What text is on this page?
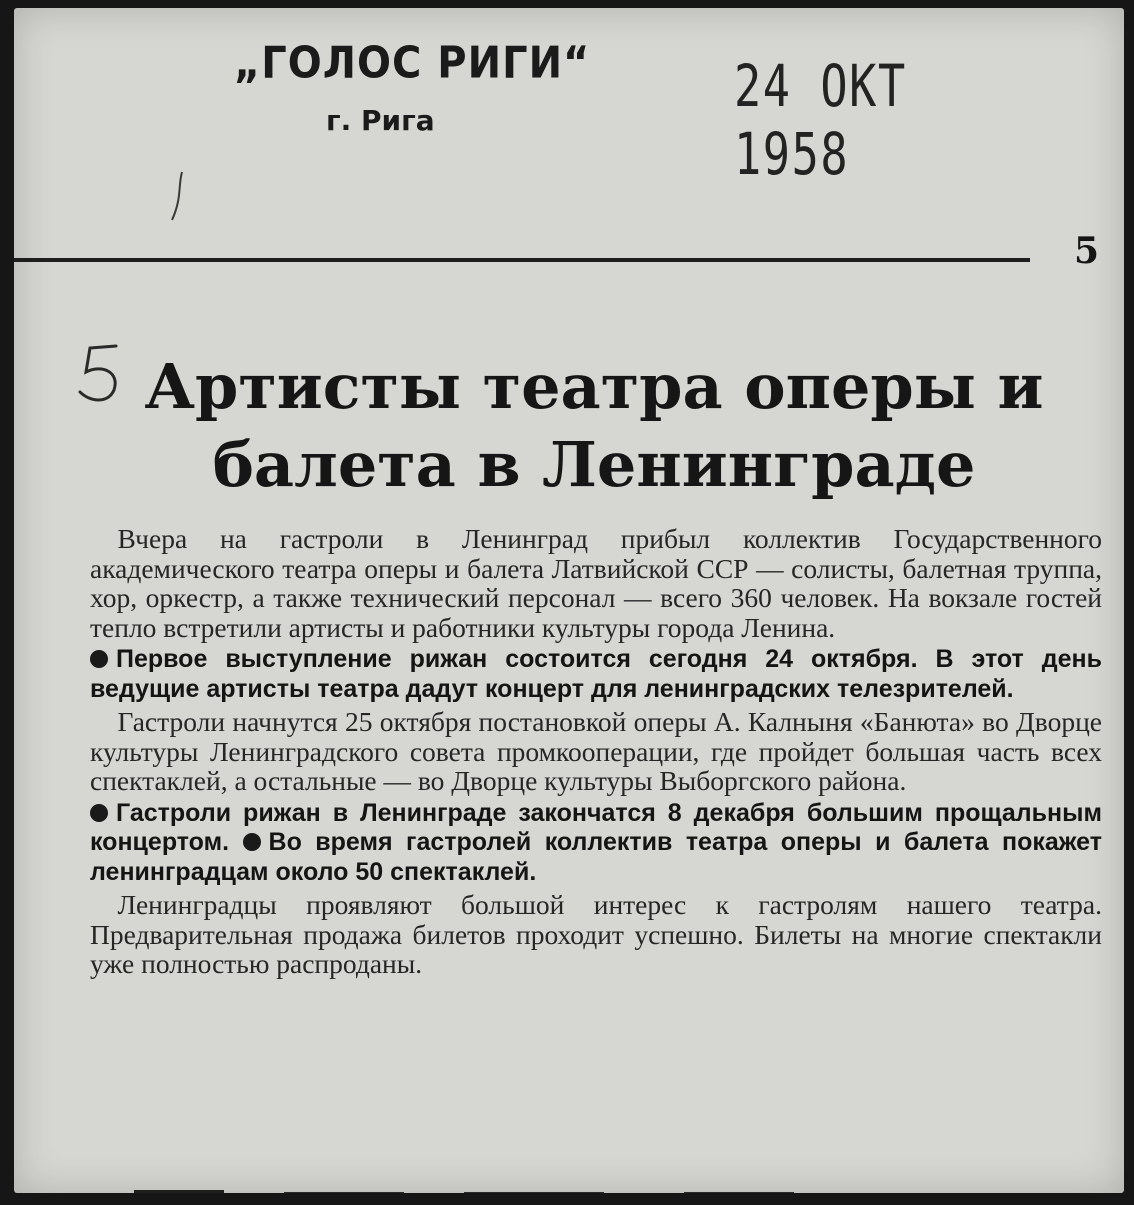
„ГОЛОС РИГИ“
г. Рига
24 ОКТ 1958
5
Артисты театра оперы и балета в Ленинграде

 Вчера на гастроли в Ленинград прибыл коллектив Государственного академического театра оперы и балета Латвийской ССР — солисты, балетная труппа, хор, оркестр, а также технический персонал — всего 360 человек. На вокзале гостей тепло встретили артисты и работники культуры города Ленина.

Первое выступление рижан состоится сегодня 24 октября. В этот день ведущие артисты театра дадут концерт для ленинградских телезрителей.

 Гастроли начнутся 25 октября постановкой оперы А. Калныня «Банюта» во Дворце культуры Ленинградского совета промкооперации, где пройдет большая часть всех спектаклей, а остальные — во Дворце культуры Выборгского района.

Гастроли рижан в Ленинграде закончатся 8 декабря большим прощальным концертом. Во время гастролей коллектив театра оперы и балета покажет ленинградцам около 50 спектаклей.

 Ленинградцы проявляют большой интерес к гастролям нашего театра. Предварительная продажа билетов проходит успешно. Билеты на многие спектакли уже полностью распроданы.
